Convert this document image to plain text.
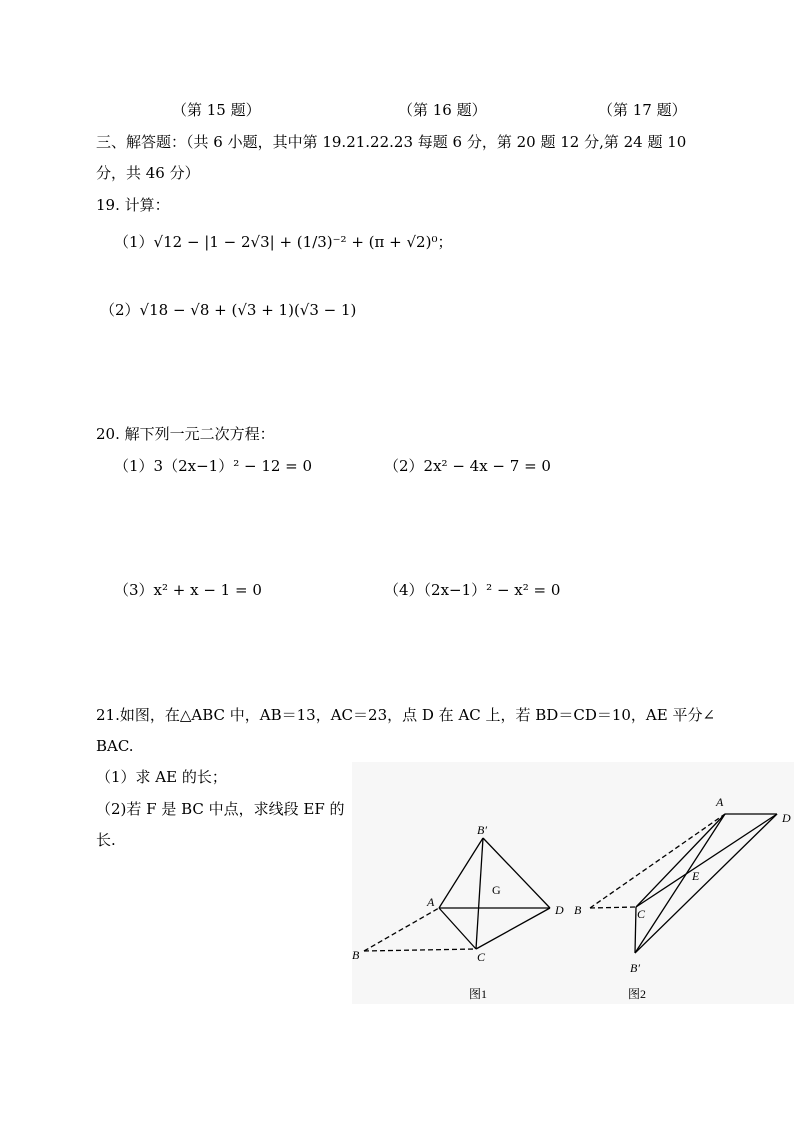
（第 15 题）	（第 16 题）	（第 17 题）
三、解答题：（共 6 小题，其中第 19.21.22.23 每题 6 分，第 20 题 12 分,第 24 题 10
分，共 46 分）
19. 计算：
（1）√12 − |1 − 2√3| + (1/3)⁻² + (π + √2)⁰；
（2）√18 − √8 + (√3 + 1)(√3 − 1)
20. 解下列一元二次方程：
（1）3（2x−1）² − 12 = 0	（2）2x² − 4x − 7 = 0
（3）x² + x − 1 = 0	（4）（2x−1）² − x² = 0
21.如图，在△ABC 中，AB＝13，AC＝23，点 D 在 AC 上，若 BD＝CD＝10，AE 平分∠
BAC.
（1）求 AE 的长；
（2)若 F 是 BC 中点，求线段 EF 的
长.
B′
A
G
D
B	C
图1
A
D
E
B	C
B′
图2
